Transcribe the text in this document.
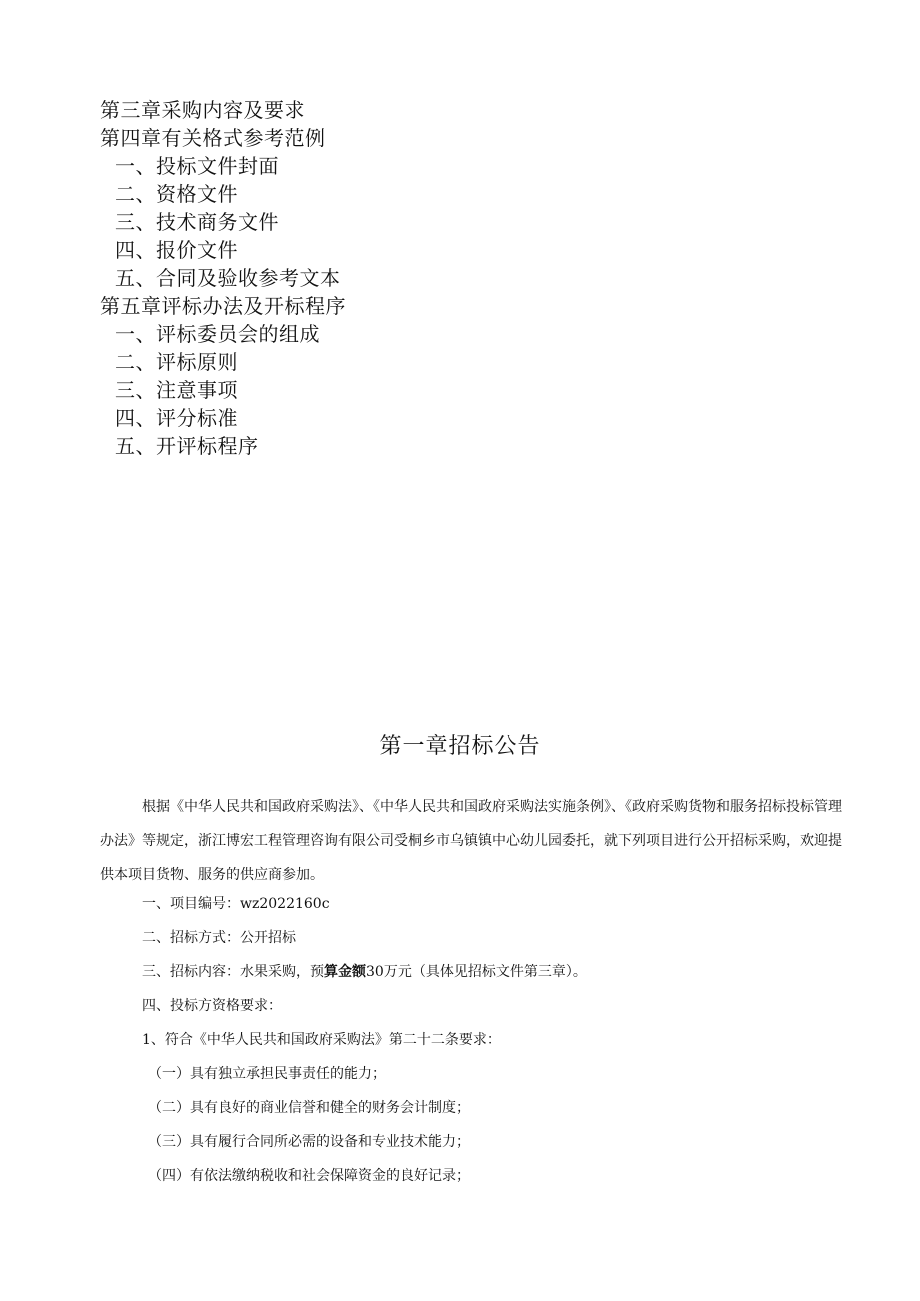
第三章采购内容及要求
第四章有关格式参考范例
一、投标文件封面
二、资格文件
三、技术商务文件
四、报价文件
五、合同及验收参考文本
第五章评标办法及开标程序
一、评标委员会的组成
二、评标原则
三、注意事项
四、评分标准
五、开评标程序
第一章招标公告
根据《中华人民共和国政府采购法》、《中华人民共和国政府采购法实施条例》、《政府采购货物和服务招标投标管理办法》等规定，浙江博宏工程管理咨询有限公司受桐乡市乌镇镇中心幼儿园委托，就下列项目进行公开招标采购，欢迎提供本项目货物、服务的供应商参加。
一、项目编号：wz2022160c
二、招标方式：公开招标
三、招标内容：水果采购，预算金额30万元（具体见招标文件第三章）。
四、投标方资格要求：
1、符合《中华人民共和国政府采购法》第二十二条要求：
（一）具有独立承担民事责任的能力；
（二）具有良好的商业信誉和健全的财务会计制度；
（三）具有履行合同所必需的设备和专业技术能力；
（四）有依法缴纳税收和社会保障资金的良好记录；
